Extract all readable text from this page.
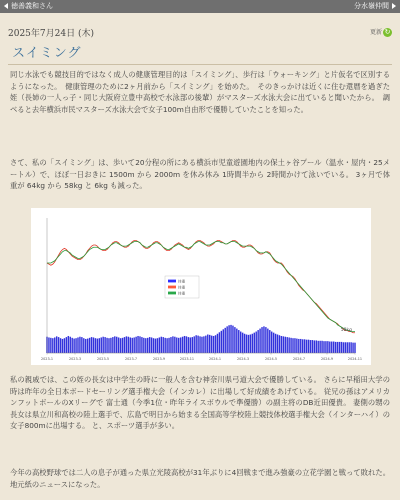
徳善義和さん	分水嶺仲間
2025年7月24日 (木)	更新 ↻
スイミング

同じ水泳でも競技目的ではなく成人の健康管理目的は「スイミング」、歩行は「ウォーキング」と片仮名で区別するようになった。　健康管理のために2ヶ月前から「スイミング」を始めた。　そのきっかけは近くに住む還暦を過ぎた姪（長姉の一人っ子・同じ大阪府立豊中高校で水泳部の後輩）がマスターズ水泳大会に出ていると聞いたから。　調べると去年横浜市民マスターズ水泳大会で女子100m自由形で優勝していたことを知った。

さて、私の「スイミング」は、歩いて20分程の所にある横浜市児童遊園地内の保土ヶ谷プール（温水・屋内・25メートル）で、ほぼ一日おきに 1500m から 2000m を休み休み 1時間半から 2時間かけて泳いでいる。 3ヶ月で体重が 64kg から 58kg と 6kg も減った。

体重
体重
体重
2023-1	2023-3	2023-5	2023-7	2023-9	2023-11	2024-1	2024-3	2024-5	2024-7	2024-9	2024-11
58kg

私の親戚では、この姪の長女は中学生の時に一般人を含む神奈川県弓道大会で優勝している。 さらに早稲田大学の時は昨年の全日本ボードセーリング選手権大会（インカレ）に出場して好成績をあげている。 従兄の孫はアメリカンフットボールのXリーグで 富士通（今季1位・昨年ライスボウルで準優勝）の副主将のDB近田優貴。 妻側の甥の長女は県立川和高校の陸上選手で、広島で明日から始まる全国高等学校陸上競技体校選手権大会（インターハイ）の女子800mに出場する。 と、スポーツ選手が多い。

今年の高校野球では二人の息子が通った県立光陵高校が31年ぶりに4回戦まで進み強豪の立花学園と戦って敗れた。 地元紙のニュースになった。
